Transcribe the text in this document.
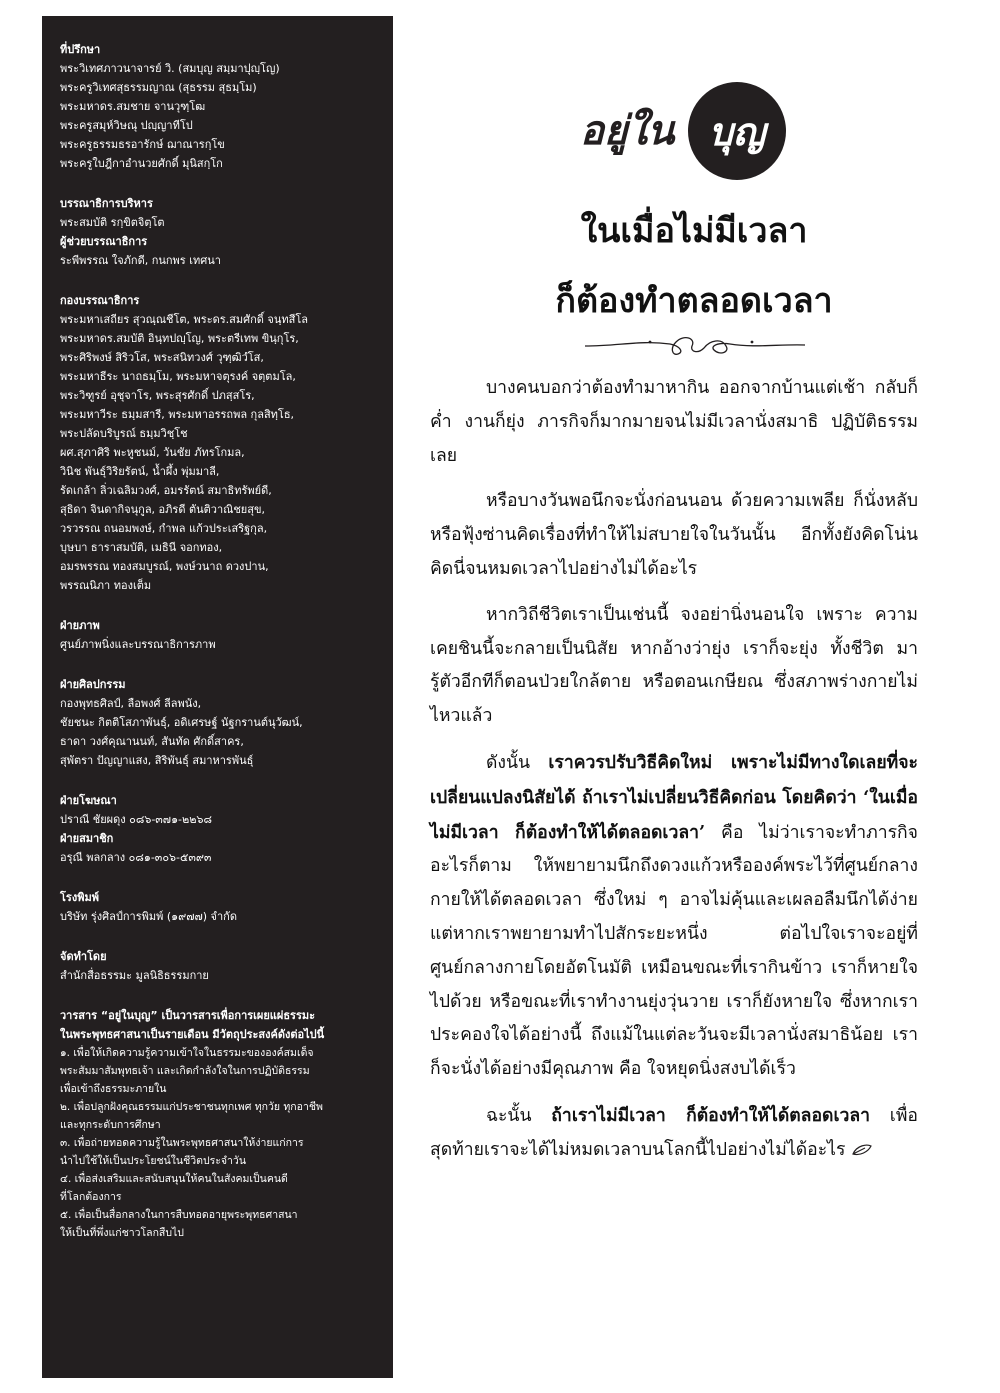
ที่ปรึกษา
พระวิเทศภาวนาจารย์ วิ. (สมบุญ สมฺมาปุญฺโญ)
พระครูวิเทศสุธรรมญาณ (สุธรรม สุธมฺโม)
พระมหาดร.สมชาย จานวุฑฺโฒ
พระครูสมุห์วิษณุ ปญฺญาทีโป
พระครูธรรมธรอารักษ์ ฌาณารกฺโข
พระครูใบฎีกาอำนวยศักดิ์ มุนิสกฺโก
บรรณาธิการบริหาร
พระสมบัติ รกฺขิตจิตฺโต
ผู้ช่วยบรรณาธิการ
ระพีพรรณ ใจภักดี, กนกพร เทศนา
กองบรรณาธิการ
พระมหาเสถียร สุวณฺณชีโต, พระดร.สมศักดิ์ จนฺทสีโล
พระมหาดร.สมบัติ อินฺทปญฺโญ, พระตรีเทพ ขินฺกุโร,
พระศิริพงษ์ สิริวโส, พระสนิทวงศ์ วุฑฺฒิวํโส,
พระมหาธีระ นาถธมฺโม, พระมหาจตุรงค์ จตฺตมโล,
พระวิฑูรย์ อุชุจาโร, พระสุรศักดิ์ ปภสฺสโร,
พระมหาวีระ ธมฺมสารี, พระมหาอรรถพล กุลสิทฺโธ,
พระปลัดบริบูรณ์ ธมฺมวิชฺโช
ผศ.สุภาศิริ พะหูชนม์, วันชัย ภัทรโกมล,
วินิช พันธุ์วิริยรัตน์, น้ำผึ้ง พุ่มมาลี,
รัดเกล้า ลิ่วเฉลิมวงศ์, อมรรัตน์ สมาธิทรัพย์ดี,
สุธิดา จินดากิจนุกูล, อภิรดี ตันติวาณิชยสุข,
วรวรรณ ถนอมพงษ์, กำพล แก้วประเสริฐกุล,
บุษบา ธาราสมบัติ, เมธินี จอกทอง,
อมรพรรณ ทองสมบูรณ์, พงษ์วนาถ ดวงปาน,
พรรณนิภา ทองเต็ม
ฝ่ายภาพ
ศูนย์ภาพนิ่งและบรรณาธิการภาพ
ฝ่ายศิลปกรรม
กองพุทธศิลป์, ลือพงศ์ ลีลพนัง,
ชัยชนะ กิตติโสภาพันธุ์, อดิเศรษฐ์ นัฐกรานต์นุวัฒน์,
ธาดา วงศ์คุณานนท์, สันทัด ศักดิ์สาคร,
สุพัตรา ปัญญาแสง, สิริพันธุ์ สมาหารพันธุ์
ฝ่ายโฆษณา
ปราณี ชัยผดุง ๐๘๖-๓๗๑-๒๒๖๘
ฝ่ายสมาชิก
อรุณี พลกลาง ๐๘๑-๓๐๖-๕๓๙๓
โรงพิมพ์
บริษัท รุ่งศิลป์การพิมพ์ (๑๙๗๗) จำกัด
จัดทำโดย
สำนักสื่อธรรมะ มูลนิธิธรรมกาย
วารสาร “อยู่ในบุญ” เป็นวารสารเพื่อการเผยแผ่ธรรมะ
ในพระพุทธศาสนาเป็นรายเดือน มีวัตถุประสงค์ดังต่อไปนี้
๑. เพื่อให้เกิดความรู้ความเข้าใจในธรรมะขององค์สมเด็จ
พระสัมมาสัมพุทธเจ้า และเกิดกำลังใจในการปฏิบัติธรรม
เพื่อเข้าถึงธรรมะภายใน
๒. เพื่อปลูกฝังคุณธรรมแก่ประชาชนทุกเพศ ทุกวัย ทุกอาชีพ
และทุกระดับการศึกษา
๓. เพื่อถ่ายทอดความรู้ในพระพุทธศาสนาให้ง่ายแก่การ
นำไปใช้ให้เป็นประโยชน์ในชีวิตประจำวัน
๔. เพื่อส่งเสริมและสนับสนุนให้คนในสังคมเป็นคนดี
ที่โลกต้องการ
๕. เพื่อเป็นสื่อกลางในการสืบทอดอายุพระพุทธศาสนา
ให้เป็นที่พึ่งแก่ชาวโลกสืบไป
อยู่ใน บุญ
ในเมื่อไม่มีเวลา
ก็ต้องทำตลอดเวลา

บางคนบอกว่าต้องทำมาหากิน ออกจากบ้านแต่เช้า กลับก็ค่ำ งานก็ยุ่ง ภารกิจก็มากมายจนไม่มีเวลานั่งสมาธิ ปฏิบัติธรรมเลย

หรือบางวันพอนึกจะนั่งก่อนนอน ด้วยความเพลีย ก็นั่งหลับ หรือฟุ้งซ่านคิดเรื่องที่ทำให้ไม่สบายใจในวันนั้น อีกทั้งยังคิดโน่นคิดนี่จนหมดเวลาไปอย่างไม่ได้อะไร

หากวิถีชีวิตเราเป็นเช่นนี้ จงอย่านิ่งนอนใจ เพราะ ความเคยชินนี้จะกลายเป็นนิสัย หากอ้างว่ายุ่ง เราก็จะยุ่ง ทั้งชีวิต มารู้ตัวอีกทีก็ตอนป่วยใกล้ตาย หรือตอนเกษียณ ซึ่งสภาพร่างกายไม่ไหวแล้ว

ดังนั้น เราควรปรับวิธีคิดใหม่ เพราะไม่มีทางใดเลยที่จะเปลี่ยนแปลงนิสัยได้ ถ้าเราไม่เปลี่ยนวิธีคิดก่อน โดยคิดว่า ‘ในเมื่อไม่มีเวลา ก็ต้องทำให้ได้ตลอดเวลา’ คือ ไม่ว่าเราจะทำภารกิจอะไรก็ตาม ให้พยายามนึกถึงดวงแก้วหรือองค์พระไว้ที่ศูนย์กลางกายให้ได้ตลอดเวลา ซึ่งใหม่ ๆ อาจไม่คุ้นและเผลอลืมนึกได้ง่าย แต่หากเราพยายามทำไปสักระยะหนึ่ง ต่อไปใจเราจะอยู่ที่ศูนย์กลางกายโดยอัตโนมัติ เหมือนขณะที่เรากินข้าว เราก็หายใจไปด้วย หรือขณะที่เราทำงานยุ่งวุ่นวาย เราก็ยังหายใจ ซึ่งหากเราประคองใจได้อย่างนี้ ถึงแม้ในแต่ละวันจะมีเวลานั่งสมาธิน้อย เราก็จะนั่งได้อย่างมีคุณภาพ คือ ใจหยุดนิ่งสงบได้เร็ว

ฉะนั้น ถ้าเราไม่มีเวลา ก็ต้องทำให้ได้ตลอดเวลา เพื่อสุดท้ายเราจะได้ไม่หมดเวลาบนโลกนี้ไปอย่างไม่ได้อะไร
